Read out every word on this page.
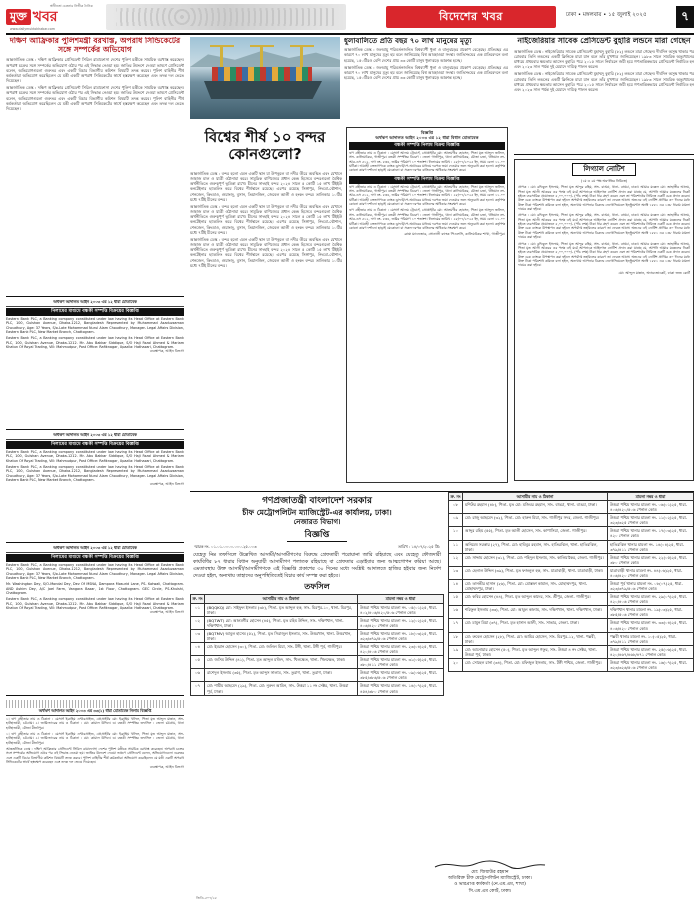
মুক্ত খবর
স্বাধীনতা চেতনার নির্ভীক দৈনিক
www.dailymuktokhabar.com
বিদেশের খবর	ঢাকা • মঙ্গলবার • ১৫ জুলাই ২০২৫	৭
দক্ষিণ আফ্রিকার পুলিশমন্ত্রী বরখাস্ত, অপরাধ সিন্ডিকেটের সঙ্গে সম্পর্কের অভিযোগ
আন্তর্জাতিক ডেস্ক : দক্ষিণ আফ্রিকার প্রেসিডেন্ট সিরিল রামাফোসা দেশের পুলিশ মন্ত্রীকে সাময়িক বরখাস্ত করেছেন। অপরাধ চক্রের সঙ্গে সম্পর্কের অভিযোগ ওঠার পর এই সিদ্ধান্ত নেওয়া হয়। জাতির উদ্দেশে দেওয়া ভাষণে প্রেসিডেন্ট বলেন, অভিযোগগুলো গুরুতর এবং একটি বিচার বিভাগীয় কমিশন বিষয়টি তদন্ত করবে। পুলিশ বাহিনীর শীর্ষ কর্মকর্তারা অভিযোগ করেছিলেন যে মন্ত্রী একটি অপরাধ সিন্ডিকেটের স্বার্থে হস্তক্ষেপ করেছেন এবং তদন্ত দল ভেঙে দিয়েছেন।
আন্তর্জাতিক ডেস্ক : দক্ষিণ আফ্রিকার প্রেসিডেন্ট সিরিল রামাফোসা দেশের পুলিশ মন্ত্রীকে সাময়িক বরখাস্ত করেছেন। অপরাধ চক্রের সঙ্গে সম্পর্কের অভিযোগ ওঠার পর এই সিদ্ধান্ত নেওয়া হয়। জাতির উদ্দেশে দেওয়া ভাষণে প্রেসিডেন্ট বলেন, অভিযোগগুলো গুরুতর এবং একটি বিচার বিভাগীয় কমিশন বিষয়টি তদন্ত করবে। পুলিশ বাহিনীর শীর্ষ কর্মকর্তারা অভিযোগ করেছিলেন যে মন্ত্রী একটি অপরাধ সিন্ডিকেটের স্বার্থে হস্তক্ষেপ করেছেন এবং তদন্ত দল ভেঙে দিয়েছেন।
অর্থঋণ আদালত আইন ২০০৩ এর ১২ ধারা মোতাবেক
নিলামের মাধ্যমে বন্ধকী সম্পত্তি বিক্রয়ের বিজ্ঞপ্তি
Eastern Bank PLC, a Banking company constituted under law having its Head Office at Eastern Bank PLC, 100, Gulshan Avenue, Dhaka-1212, Bangladesh Represented by Muhammad Asaduzzaman Choudhury, Age: 37 Years, S/o-Late Mohammad Nurul Alam Choudhury, Manager- Legal Affairs Division, Eastern Bank PLC, New Market Branch, Chattogram.
Eastern Bank PLC, a Banking company constituted under law having its Head Office at Eastern Bank PLC, 100, Gulshan Avenue, Dhaka-1212. Mr. Abu Bakkar Siddique, S/O Haji Fazal Ahmed & Mariam Khatun Of Royal Trading, Vill: Mahmudpur, Post Office: Rafiknagar, Upazila: Hathazari, Chattogram.
ব্যবস্থাপক, আইন বিভাগ
অর্থঋণ আদালত আইন ২০০৩ এর ১২ ধারা মোতাবেক
নিলামের মাধ্যমে বন্ধকী সম্পত্তি বিক্রয়ের বিজ্ঞপ্তি
Eastern Bank PLC, a Banking company constituted under law having its Head Office at Eastern Bank PLC, 100, Gulshan Avenue, Dhaka-1212. Mr. Abu Bakkar Siddique, S/O Haji Fazal Ahmed & Mariam Khatun Of Royal Trading, Vill: Mahmudpur, Post Office: Rafiknagar, Upazila: Hathazari, Chattogram.
Eastern Bank PLC, a Banking company constituted under law having its Head Office at Eastern Bank PLC, 100, Gulshan Avenue, Dhaka-1212, Bangladesh Represented by Muhammad Asaduzzaman Choudhury, Age: 37 Years, S/o-Late Mohammad Nurul Alam Choudhury, Manager- Legal Affairs Division, Eastern Bank PLC, New Market Branch, Chattogram.
ব্যবস্থাপক, আইন বিভাগ
অর্থঋণ আদালত আইন ২০০৩ এর ১২ ধারা মোতাবেক
নিলামের মাধ্যমে বন্ধকী সম্পত্তি বিক্রয়ের বিজ্ঞপ্তি
Eastern Bank PLC, a Banking company constituted under law having its Head Office at Eastern Bank PLC, 100, Gulshan Avenue, Dhaka-1212, Bangladesh Represented by Muhammad Asaduzzaman Choudhury, Age: 37 Years, S/o-Late Mohammad Nurul Alam Choudhury, Manager- Legal Affairs Division, Eastern Bank PLC, New Market Branch, Chattogram.
Mr. Washington Dey, S/O-Mondal Dey, Dev Of MSNA, Dampara Mosurid Lane, PS- Kotwali, Chattogram. AND Ashim Dey, A/C Joel Farm, Vangara Bazar, 1st Floor, Chattogram. GEC Circle, PS-Khulshi, Chattogram.
Eastern Bank PLC, a Banking company constituted under law having its Head Office at Eastern Bank PLC, 100, Gulshan Avenue, Dhaka-1212. Mr. Abu Bakkar Siddique, S/O Haji Fazal Ahmed & Mariam Khatun Of Royal Trading, Vill: Mahmudpur, Post Office: Rafiknagar, Upazila: Hathazari, Chattogram.
ব্যবস্থাপক, আইন বিভাগ
অর্থঋণ আদালত আইন ২০০৩ এর ৩৩(১) ধারা মোতাবেক নিলাম বিজ্ঞপ্তি
১। ঋণ গ্রহীতার নাম ও ঠিকানা : মেসার্স ইব্রাহিম এন্টারপ্রাইজ, প্রোপ্রাইটর মো: ইব্রাহিম খলিল, পিতা মৃত আব্দুল মান্নান, সাং- হাটহাজারী, চট্টগ্রাম। ২। জামিনদারের নাম ও ঠিকানা : মো: কামাল উদ্দিন। ৩। বন্ধকী সম্পত্তির তফসিল : জেলা চট্টগ্রাম, থানা হাটহাজারী, মৌজা মীর্জাপুর।
১। ঋণ গ্রহীতার নাম ও ঠিকানা : মেসার্স ইব্রাহিম এন্টারপ্রাইজ, প্রোপ্রাইটর মো: ইব্রাহিম খলিল, পিতা মৃত আব্দুল মান্নান, সাং- হাটহাজারী, চট্টগ্রাম। ২। জামিনদারের নাম ও ঠিকানা : মো: কামাল উদ্দিন। ৩। বন্ধকী সম্পত্তির তফসিল : জেলা চট্টগ্রাম, থানা হাটহাজারী, মৌজা মীর্জাপুর।
আন্তর্জাতিক ডেস্ক : দক্ষিণ আফ্রিকার প্রেসিডেন্ট সিরিল রামাফোসা দেশের পুলিশ মন্ত্রীকে সাময়িক বরখাস্ত করেছেন। অপরাধ চক্রের সঙ্গে সম্পর্কের অভিযোগ ওঠার পর এই সিদ্ধান্ত নেওয়া হয়। জাতির উদ্দেশে দেওয়া ভাষণে প্রেসিডেন্ট বলেন, অভিযোগগুলো গুরুতর এবং একটি বিচার বিভাগীয় কমিশন বিষয়টি তদন্ত করবে। পুলিশ বাহিনীর শীর্ষ কর্মকর্তারা অভিযোগ করেছিলেন যে মন্ত্রী একটি অপরাধ সিন্ডিকেটের স্বার্থে হস্তক্ষেপ করেছেন এবং তদন্ত দল ভেঙে দিয়েছেন।
ব্যবস্থাপক, আইন বিভাগ
ধুলাবালিতে প্রতি বছর ৭০ লাখ মানুষের মৃত্যু
আন্তর্জাতিক ডেস্ক : জলবায়ু পরিবর্তনজনিত বিশ্বব্যাপী ধুলা ও বালুঝড়ের প্রকোপ বেড়েছে। প্রতিবছর এর কারণে ৭০ লাখ মানুষের মৃত্যু হয় বলে জানিয়েছে বিশ্ব আবহাওয়া সংস্থা। জাতিসংঘের এক প্রতিবেদনে বলা হয়েছে, ১৫০টিরও বেশি দেশের প্রায় ৩৩ কোটি মানুষ ধুলাঝড়ে আক্রান্ত হচ্ছে।
আন্তর্জাতিক ডেস্ক : জলবায়ু পরিবর্তনজনিত বিশ্বব্যাপী ধুলা ও বালুঝড়ের প্রকোপ বেড়েছে। প্রতিবছর এর কারণে ৭০ লাখ মানুষের মৃত্যু হয় বলে জানিয়েছে বিশ্ব আবহাওয়া সংস্থা। জাতিসংঘের এক প্রতিবেদনে বলা হয়েছে, ১৫০টিরও বেশি দেশের প্রায় ৩৩ কোটি মানুষ ধুলাঝড়ে আক্রান্ত হচ্ছে।
বিশ্বের শীর্ষ ১০ বন্দর কোনগুলো?
আন্তর্জাতিক ডেস্ক : বন্দর হলো এমন একটি স্থান যা উপকূলে বা নদীর তীরে অবস্থিত এবং যেখানে জাহাজ মাল ও যাত্রী ওঠানামা করে। সামুদ্রিক বাণিজ্যের প্রধান কেন্দ্র হিসেবে বন্দরগুলো বৈশ্বিক অর্থনীতিতে গুরুত্বপূর্ণ ভূমিকা রাখে। চীনের সাংহাই বন্দর ২০২৪ সালে ৫ কোটি ১৫ লাখ টিইইউ কনটেইনার হ্যান্ডলিং করে বিশ্বের শীর্ষস্থানে রয়েছে। এরপর রয়েছে সিঙ্গাপুর, নিংবো-ঝৌশান, শেনজেন, কিংডাও, গুয়াংজু, বুসান, তিয়ানজিন, জেবেল আলী ও হংকং বন্দর। তালিকার ১০টির মধ্যে ৭টিই চীনের বন্দর।
আন্তর্জাতিক ডেস্ক : বন্দর হলো এমন একটি স্থান যা উপকূলে বা নদীর তীরে অবস্থিত এবং যেখানে জাহাজ মাল ও যাত্রী ওঠানামা করে। সামুদ্রিক বাণিজ্যের প্রধান কেন্দ্র হিসেবে বন্দরগুলো বৈশ্বিক অর্থনীতিতে গুরুত্বপূর্ণ ভূমিকা রাখে। চীনের সাংহাই বন্দর ২০২৪ সালে ৫ কোটি ১৫ লাখ টিইইউ কনটেইনার হ্যান্ডলিং করে বিশ্বের শীর্ষস্থানে রয়েছে। এরপর রয়েছে সিঙ্গাপুর, নিংবো-ঝৌশান, শেনজেন, কিংডাও, গুয়াংজু, বুসান, তিয়ানজিন, জেবেল আলী ও হংকং বন্দর। তালিকার ১০টির মধ্যে ৭টিই চীনের বন্দর।
আন্তর্জাতিক ডেস্ক : বন্দর হলো এমন একটি স্থান যা উপকূলে বা নদীর তীরে অবস্থিত এবং যেখানে জাহাজ মাল ও যাত্রী ওঠানামা করে। সামুদ্রিক বাণিজ্যের প্রধান কেন্দ্র হিসেবে বন্দরগুলো বৈশ্বিক অর্থনীতিতে গুরুত্বপূর্ণ ভূমিকা রাখে। চীনের সাংহাই বন্দর ২০২৪ সালে ৫ কোটি ১৫ লাখ টিইইউ কনটেইনার হ্যান্ডলিং করে বিশ্বের শীর্ষস্থানে রয়েছে। এরপর রয়েছে সিঙ্গাপুর, নিংবো-ঝৌশান, শেনজেন, কিংডাও, গুয়াংজু, বুসান, তিয়ানজিন, জেবেল আলী ও হংকং বন্দর। তালিকার ১০টির মধ্যে ৭টিই চীনের বন্দর।
বিজ্ঞপ্তি
অর্থঋণ আদালত আইন ২০০৩ এর ১২ ধারা বিধান মোতাবেক
বন্ধকী সম্পত্তি নিলাম বিক্রয় বিজ্ঞপ্তি
ঋণ গ্রহীতার নাম ও ঠিকানা : মেসার্স আলম ট্রেডার্স, প্রোপ্রাইটর মো: আলমগীর হোসেন, পিতা মৃত আব্দুল জলিল, সাং- কালিয়াকৈর, গাজীপুর। বন্ধকী সম্পত্তির বিবরণ : জেলা গাজীপুর, থানা কালিয়াকৈর, মৌজা চন্দ্রা, খতিয়ান নং- আর.এস ৫১২, দাগ নং- ৮৩৪, জমির পরিমাণ ১০ শতাংশ। নিলামের তারিখ : ২৮/০৭/২০২৫ ইং, সময় বেলা ১১.০০ ঘটিকা। আগ্রহী ক্রেতাগণকে ব্যাংক ড্রাফট/পে-অর্ডারের মাধ্যমে দরপত্র জমা দেওয়ার জন্য অনুরোধ করা হলো। কর্তৃপক্ষ কোনো কারণ দর্শানো ছাড়াই যেকোনো বা সকল দরপত্র বাতিলের অধিকার সংরক্ষণ করে।
বন্ধকী সম্পত্তি নিলাম বিক্রয় বিজ্ঞপ্তি
ঋণ গ্রহীতার নাম ও ঠিকানা : মেসার্স আলম ট্রেডার্স, প্রোপ্রাইটর মো: আলমগীর হোসেন, পিতা মৃত আব্দুল জলিল, সাং- কালিয়াকৈর, গাজীপুর। বন্ধকী সম্পত্তির বিবরণ : জেলা গাজীপুর, থানা কালিয়াকৈর, মৌজা চন্দ্রা, খতিয়ান নং- আর.এস ৫১২, দাগ নং- ৮৩৪, জমির পরিমাণ ১০ শতাংশ। নিলামের তারিখ : ২৮/০৭/২০২৫ ইং, সময় বেলা ১১.০০ ঘটিকা। আগ্রহী ক্রেতাগণকে ব্যাংক ড্রাফট/পে-অর্ডারের মাধ্যমে দরপত্র জমা দেওয়ার জন্য অনুরোধ করা হলো। কর্তৃপক্ষ কোনো কারণ দর্শানো ছাড়াই যেকোনো বা সকল দরপত্র বাতিলের অধিকার সংরক্ষণ করে।
ঋণ গ্রহীতার নাম ও ঠিকানা : মেসার্স আলম ট্রেডার্স, প্রোপ্রাইটর মো: আলমগীর হোসেন, পিতা মৃত আব্দুল জলিল, সাং- কালিয়াকৈর, গাজীপুর। বন্ধকী সম্পত্তির বিবরণ : জেলা গাজীপুর, থানা কালিয়াকৈর, মৌজা চন্দ্রা, খতিয়ান নং- আর.এস ৫১২, দাগ নং- ৮৩৪, জমির পরিমাণ ১০ শতাংশ। নিলামের তারিখ : ২৮/০৭/২০২৫ ইং, সময় বেলা ১১.০০ ঘটিকা। আগ্রহী ক্রেতাগণকে ব্যাংক ড্রাফট/পে-অর্ডারের মাধ্যমে দরপত্র জমা দেওয়ার জন্য অনুরোধ করা হলো। কর্তৃপক্ষ কোনো কারণ দর্শানো ছাড়াই যেকোনো বা সকল দরপত্র বাতিলের অধিকার সংরক্ষণ করে।
ব্রাঞ্চ ম্যানেজার, সোনালী ব্যাংক পিএলসি, কালিয়াকৈর শাখা, গাজীপুর।
নাইজেরিয়ার সাবেক প্রেসিডেন্ট বুহারি লন্ডনে মারা গেছেন
আন্তর্জাতিক ডেস্ক : নাইজেরিয়ার সাবেক প্রেসিডেন্ট মুহাম্মদু বুহারি (৮২) লন্ডনে মারা গেছেন। দীর্ঘদিন অসুস্থ থাকার পর রোববার তিনি লন্ডনের একটি ক্লিনিকে মারা যান বলে তাঁর মুখপাত্র জানিয়েছেন। ১৯৮৩ সালে সামরিক অভ্যুত্থানের মাধ্যমে প্রথমবার ক্ষমতায় আসেন বুহারি। পরে ২০১৫ সালে নির্বাচনে জয়ী হয়ে গণতান্ত্রিকভাবে প্রেসিডেন্ট নির্বাচিত হন এবং ২০২৩ সাল পর্যন্ত দুই মেয়াদে দায়িত্ব পালন করেন।
আন্তর্জাতিক ডেস্ক : নাইজেরিয়ার সাবেক প্রেসিডেন্ট মুহাম্মদু বুহারি (৮২) লন্ডনে মারা গেছেন। দীর্ঘদিন অসুস্থ থাকার পর রোববার তিনি লন্ডনের একটি ক্লিনিকে মারা যান বলে তাঁর মুখপাত্র জানিয়েছেন। ১৯৮৩ সালে সামরিক অভ্যুত্থানের মাধ্যমে প্রথমবার ক্ষমতায় আসেন বুহারি। পরে ২০১৫ সালে নির্বাচনে জয়ী হয়ে গণতান্ত্রিকভাবে প্রেসিডেন্ট নির্বাচিত হন এবং ২০২৩ সাল পর্যন্ত দুই মেয়াদে দায়িত্ব পালন করেন।
লিগ্যাল নোটিশ
(১ম ও ২য় পক্ষ অবগতির নিমিত্তে)
প্রাপক : মো: রফিকুল ইসলাম, পিতা মৃত আব্দুর রহিম, সাং- বাড্ডা, থানা- বাড্ডা, ঢাকা। আমার মক্কেল মো: জাহাঙ্গীর আলম, পিতা মৃত আলী আকবর এর পক্ষে এই মর্মে আপনাকে আইনগত নোটিশ প্রদান করা যাচ্ছে যে, আপনি আমার মক্কেলের নিকট হইতে ব্যবসায়িক প্রয়োজনে ৫,০০,০০০/- (পাঁচ লক্ষ) টাকা ধার গ্রহণ করেন এবং তা পরিশোধের নিমিত্তে একটি চেক প্রদান করেন। উক্ত চেক ব্যাংকে উপস্থাপন করা হইলে অপর্যাপ্ত তহবিলের কারণে তা ফেরত আসে। অতএব এই নোটিশ প্রাপ্তির ৩০ দিনের মধ্যে উক্ত টাকা পরিশোধ করিতে বলা হইল, অন্যথায় আপনার বিরুদ্ধে নেগোসিয়েবল ইনস্ট্রুমেন্টস অ্যাক্ট ১৮৮১ এর ১৩৮ ধারায় মামলা দায়ের করা হইবে।
প্রাপক : মো: রফিকুল ইসলাম, পিতা মৃত আব্দুর রহিম, সাং- বাড্ডা, থানা- বাড্ডা, ঢাকা। আমার মক্কেল মো: জাহাঙ্গীর আলম, পিতা মৃত আলী আকবর এর পক্ষে এই মর্মে আপনাকে আইনগত নোটিশ প্রদান করা যাচ্ছে যে, আপনি আমার মক্কেলের নিকট হইতে ব্যবসায়িক প্রয়োজনে ৫,০০,০০০/- (পাঁচ লক্ষ) টাকা ধার গ্রহণ করেন এবং তা পরিশোধের নিমিত্তে একটি চেক প্রদান করেন। উক্ত চেক ব্যাংকে উপস্থাপন করা হইলে অপর্যাপ্ত তহবিলের কারণে তা ফেরত আসে। অতএব এই নোটিশ প্রাপ্তির ৩০ দিনের মধ্যে উক্ত টাকা পরিশোধ করিতে বলা হইল, অন্যথায় আপনার বিরুদ্ধে নেগোসিয়েবল ইনস্ট্রুমেন্টস অ্যাক্ট ১৮৮১ এর ১৩৮ ধারায় মামলা দায়ের করা হইবে।
প্রাপক : মো: রফিকুল ইসলাম, পিতা মৃত আব্দুর রহিম, সাং- বাড্ডা, থানা- বাড্ডা, ঢাকা। আমার মক্কেল মো: জাহাঙ্গীর আলম, পিতা মৃত আলী আকবর এর পক্ষে এই মর্মে আপনাকে আইনগত নোটিশ প্রদান করা যাচ্ছে যে, আপনি আমার মক্কেলের নিকট হইতে ব্যবসায়িক প্রয়োজনে ৫,০০,০০০/- (পাঁচ লক্ষ) টাকা ধার গ্রহণ করেন এবং তা পরিশোধের নিমিত্তে একটি চেক প্রদান করেন। উক্ত চেক ব্যাংকে উপস্থাপন করা হইলে অপর্যাপ্ত তহবিলের কারণে তা ফেরত আসে। অতএব এই নোটিশ প্রাপ্তির ৩০ দিনের মধ্যে উক্ত টাকা পরিশোধ করিতে বলা হইল, অন্যথায় আপনার বিরুদ্ধে নেগোসিয়েবল ইনস্ট্রুমেন্টস অ্যাক্ট ১৮৮১ এর ১৩৮ ধারায় মামলা দায়ের করা হইবে।
মো: আব্দুল মান্নান, অ্যাডভোকেট, ঢাকা জজ কোর্ট
গণপ্রজাতন্ত্রী বাংলাদেশ সরকার
চীফ মেট্রোপলিটন ম্যাজিস্ট্রেট-এর কার্যালয়, ঢাকা।
নেজারত বিভাগ।
বিজ্ঞপ্তি
স্মারক নং- ০১.০১.০০০০.০০০.২৫.০০৩	তারিখ : ১৪/০৭/২০২৫ খ্রি:
যেহেতু নিম্ন তফসিলে উল্লেখিত আসামী/আসামীগণের বিরুদ্ধে গ্রেফতারী পরোয়ানা জারি রহিয়াছে এবং যেহেতু ফৌজদারী কার্যবিধির ৮৭ ধারার বিধান অনুযায়ী আসামীগণ পলাতক রহিয়াছে বা গ্রেফতার এড়াইবার জন্য আত্মগোপন করিয়া আছে। এমতাবস্থায় উক্ত আসামী/আসামীগণকে এই বিজ্ঞপ্তি প্রকাশের ৩০ দিনের মধ্যে সংশ্লিষ্ট আদালতে হাজির হইবার জন্য নির্দেশ দেওয়া হইল, অন্যথায় তাহাদের অনুপস্থিতিতেই বিচার কার্য সম্পন্ন করা হইবে।
তফসিল
ক্র. নং	আসামীর নাম ও ঠিকানা	মামলা নম্বর ও ধারা
০১	(BQQKQ) মো: সাইফুল ইসলাম (৩৮), পিতা- মৃত আব্দুল হক, সাং- মিরপুর-১০, থানা- মিরপুর, ঢাকা।	উত্তরা পশ্চিম থানার মামলা নং- ০৫(০১)২৫, ধারা- ৪০২/৪০৬/৪২০/৫০৬ পেনাল কোড
০২	(BQTWT) মো: আলমগীর হোসেন (৪৫), পিতা- মৃত রহিম উদ্দিন, সাং- দক্ষিণখান, থানা- দক্ষিণখান, ঢাকা।	উত্তরা পশ্চিম থানার মামলা নং- ১২(০২)২৫, ধারা- ৪০৬/৪২০ পেনাল কোড
০৩	(BQTMV) আবুল হাসেম (৫২), পিতা- মৃত সিরাজুল ইসলাম, সাং- উত্তরখান, থানা- উত্তরখান, ঢাকা।	উত্তরা পশ্চিম থানার মামলা নং- ১৮(০৩)২৫, ধারা- ৩২৩/৩৭৯/৫০৬ পেনাল কোড
০৪	মো: ইমরান হোসেন (৩০), পিতা- মো: জলিল মিয়া, সাং- টঙ্গী, থানা- টঙ্গী পূর্ব, গাজীপুর।	উত্তরা পশ্চিম থানার মামলা নং- ২৩(০৪)২৫, ধারা- ৪২০/৪০৬ পেনাল কোড
০৫	মো: জসিম উদ্দিন (৪১), পিতা- মৃত আব্দুল মজিদ, সাং- খিলক্ষেত, থানা- খিলক্ষেত, ঢাকা।	উত্তরা পশ্চিম থানার মামলা নং- ৩১(০৫)২৫, ধারা- ৩৮০/৪১১ পেনাল কোড
০৬	রাশেদুল ইসলাম (৩৫), পিতা- মৃত আব্দুস সালাম, সাং- তুরাগ, থানা- তুরাগ, ঢাকা।	উত্তরা পশ্চিম থানার মামলা নং- ০৯(০৬)২৫, ধারা- ৩৮৫/৩৮৬/৫০৬ পেনাল কোড
০৭	মো: শামীম আহমেদ (২৯), পিতা- মো: নুরুল আমিন, সাং- উত্তরা ১১ নং সেক্টর, থানা- উত্তরা পূর্ব, ঢাকা।	উত্তরা পশ্চিম থানার মামলা নং- ১৪(০৭)২৫, ধারা- ৪৫৪/৩৮০ পেনাল কোড
ক্র. নং	আসামীর নাম ও ঠিকানা	মামলা নম্বর ও ধারা
০৮	মশিউর রহমান (৪৮), পিতা- মৃত মো: মজিবর রহমান, সাং- বাড্ডা, থানা- বাড্ডা, ঢাকা।	উত্তরা পশ্চিম থানার মামলা নং- ০৬(০১)২৫, ধারা- ৪০৬/৪২০/৫০৬ পেনাল কোড
০৯	মো: রাজু আহমেদ (৩২), পিতা- মো: হারুন মিয়া, সাং- গাজীপুর সদর, জেলা- গাজীপুর।	উত্তরা পশ্চিম থানার মামলা নং- ১১(০২)২৫, ধারা- ৩২৩/৩২৫ পেনাল কোড
১০	আব্দুর রহিম (৫৫), পিতা- মৃত আলী হোসেন, সাং- কাপাসিয়া, জেলা- গাজীপুর।	উত্তরা পশ্চিম থানার মামলা নং- ১৭(০৩)২৫, ধারা- ৪২০ পেনাল কোড
১১	অনিমেষ সরকার (২৭), পিতা- মো: হাবিবুর রহমান, সাং- হাতিরঝিল, থানা- হাতিরঝিল, ঢাকা।	হাতিরঝিল থানার মামলা নং- ১৪(০৪)২৫, ধারা- ৩৭৯/৪১১ পেনাল কোড
১২	মো: সাদ্দাম হোসেন (৩১), পিতা- মো: শহিদুল ইসলাম, সাং- কালিয়াকৈর, জেলা- গাজীপুর।	উত্তরা পশ্চিম থানার মামলা নং- ২২(০৫)২৫, ধারা- ৩৮০ পেনাল কোড
১৩	মো: হেলাল উদ্দিন (৩৯), পিতা- মৃত ফজলুল হক, সাং- যাত্রাবাড়ী, থানা- যাত্রাবাড়ী, ঢাকা।	যাত্রাবাড়ী থানার মামলা নং- ৪৪(০৬)২৫, ধারা- ৪০৬/৪২০ পেনাল কোড
১৪	মো: তানভীর হাসান (২৬), পিতা- মো: মোস্তফা কামাল, সাং- মোহাম্মদপুর, থানা- মোহাম্মদপুর, ঢাকা।	উত্তরা পূর্ব থানার মামলা নং- ০৮(০৭)২৫, ধারা- ৩২৩/৩৭৯/৫০৬ পেনাল কোড
১৫	মো: কবির হোসেন (৪৪), পিতা- মৃত আব্দুল কাদের, সাং- শ্রীপুর, জেলা- গাজীপুর।	উত্তরা পশ্চিম থানার মামলা নং- ২৯(০৭)২৫, ধারা- ৪২০/৪০৬ পেনাল কোড
১৬	শরিফুল ইসলাম (৩৩), পিতা- মো: আবুল কালাম, সাং- দক্ষিণখান, থানা- দক্ষিণখান, ঢাকা।	দক্ষিণখান থানার মামলা নং- ১৯(০৩)২৫, ধারা- ৩৮৫/৫০৬ পেনাল কোড
১৭	মো: মামুন মিয়া (৩৭), পিতা- মৃত হাসান আলী, সাং- সাভার, জেলা- ঢাকা।	উত্তরা পশ্চিম থানার মামলা নং- ৩৩(০৪)২৫, ধারা- ৪০৬/৪২০ পেনাল কোড
১৮	মো: রুবেল হোসেন (২৮), পিতা- মো: আমির হোসেন, সাং- মিরপুর-১২, থানা- পল্লবী, ঢাকা।	পল্লবী থানার মামলা নং- ১০(০৫)২৫, ধারা- ৩৭৯/৪১১ পেনাল কোড
১৯	মো: আনোয়ার হোসেন (৫০), পিতা- মৃত আব্দুল গফুর, সাং- উত্তরা ৪ নং সেক্টর, থানা- উত্তরা পূর্ব, ঢাকা।	উত্তরা পশ্চিম থানার মামলা নং- ২৫(০৬)২৫, ধারা- ৪২০/৪৬৭/৪৬৮/৪৭১ পেনাল কোড
২০	মো: সোহেল রানা (৩৪), পিতা- মো: মফিজুল ইসলাম, সাং- টঙ্গী পশ্চিম, জেলা- গাজীপুর।	উত্তরা পশ্চিম থানার মামলা নং- ১৬(০৭)২৫, ধারা- ৩২৩/৩২৬/৫০৬ পেনাল কোড
মো: জিয়াউর রহমান
অতিরিক্ত চীফ মেট্রোপলিটন ম্যাজিস্ট্রেট, ঢাকা।
ও ভারপ্রাপ্ত কর্মকর্তা (নে.এম.এম, শাখা)
সি.এম.এম কোর্ট, ঢাকা।
জিডি-৫০৭/২৫
